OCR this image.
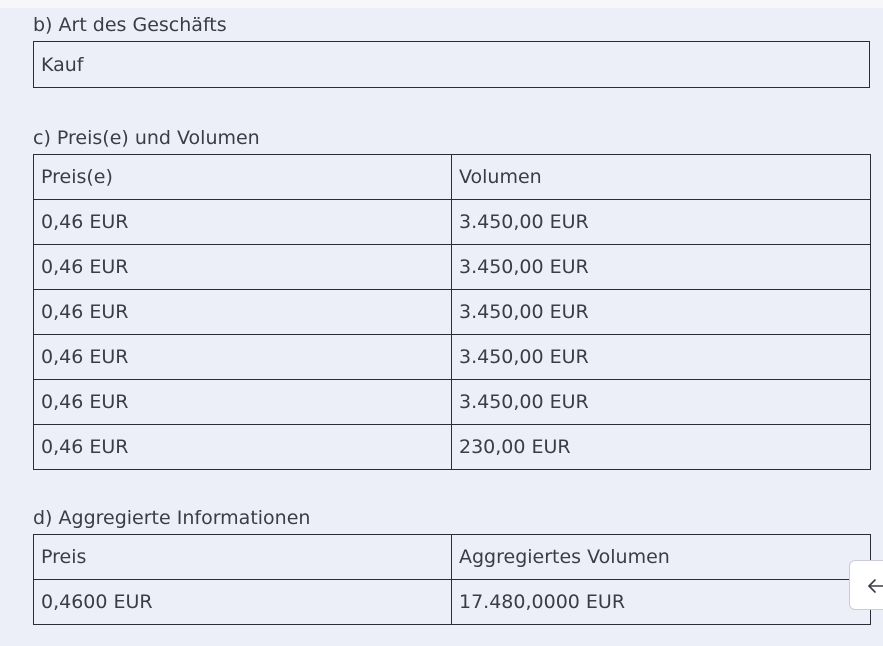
b) Art des Geschäfts
Kauf
c) Preis(e) und Volumen
Preis(e)	Volumen
0,46 EUR	3.450,00 EUR
0,46 EUR	3.450,00 EUR
0,46 EUR	3.450,00 EUR
0,46 EUR	3.450,00 EUR
0,46 EUR	3.450,00 EUR
0,46 EUR	230,00 EUR
d) Aggregierte Informationen
Preis	Aggregiertes Volumen
0,4600 EUR	17.480,0000 EUR
